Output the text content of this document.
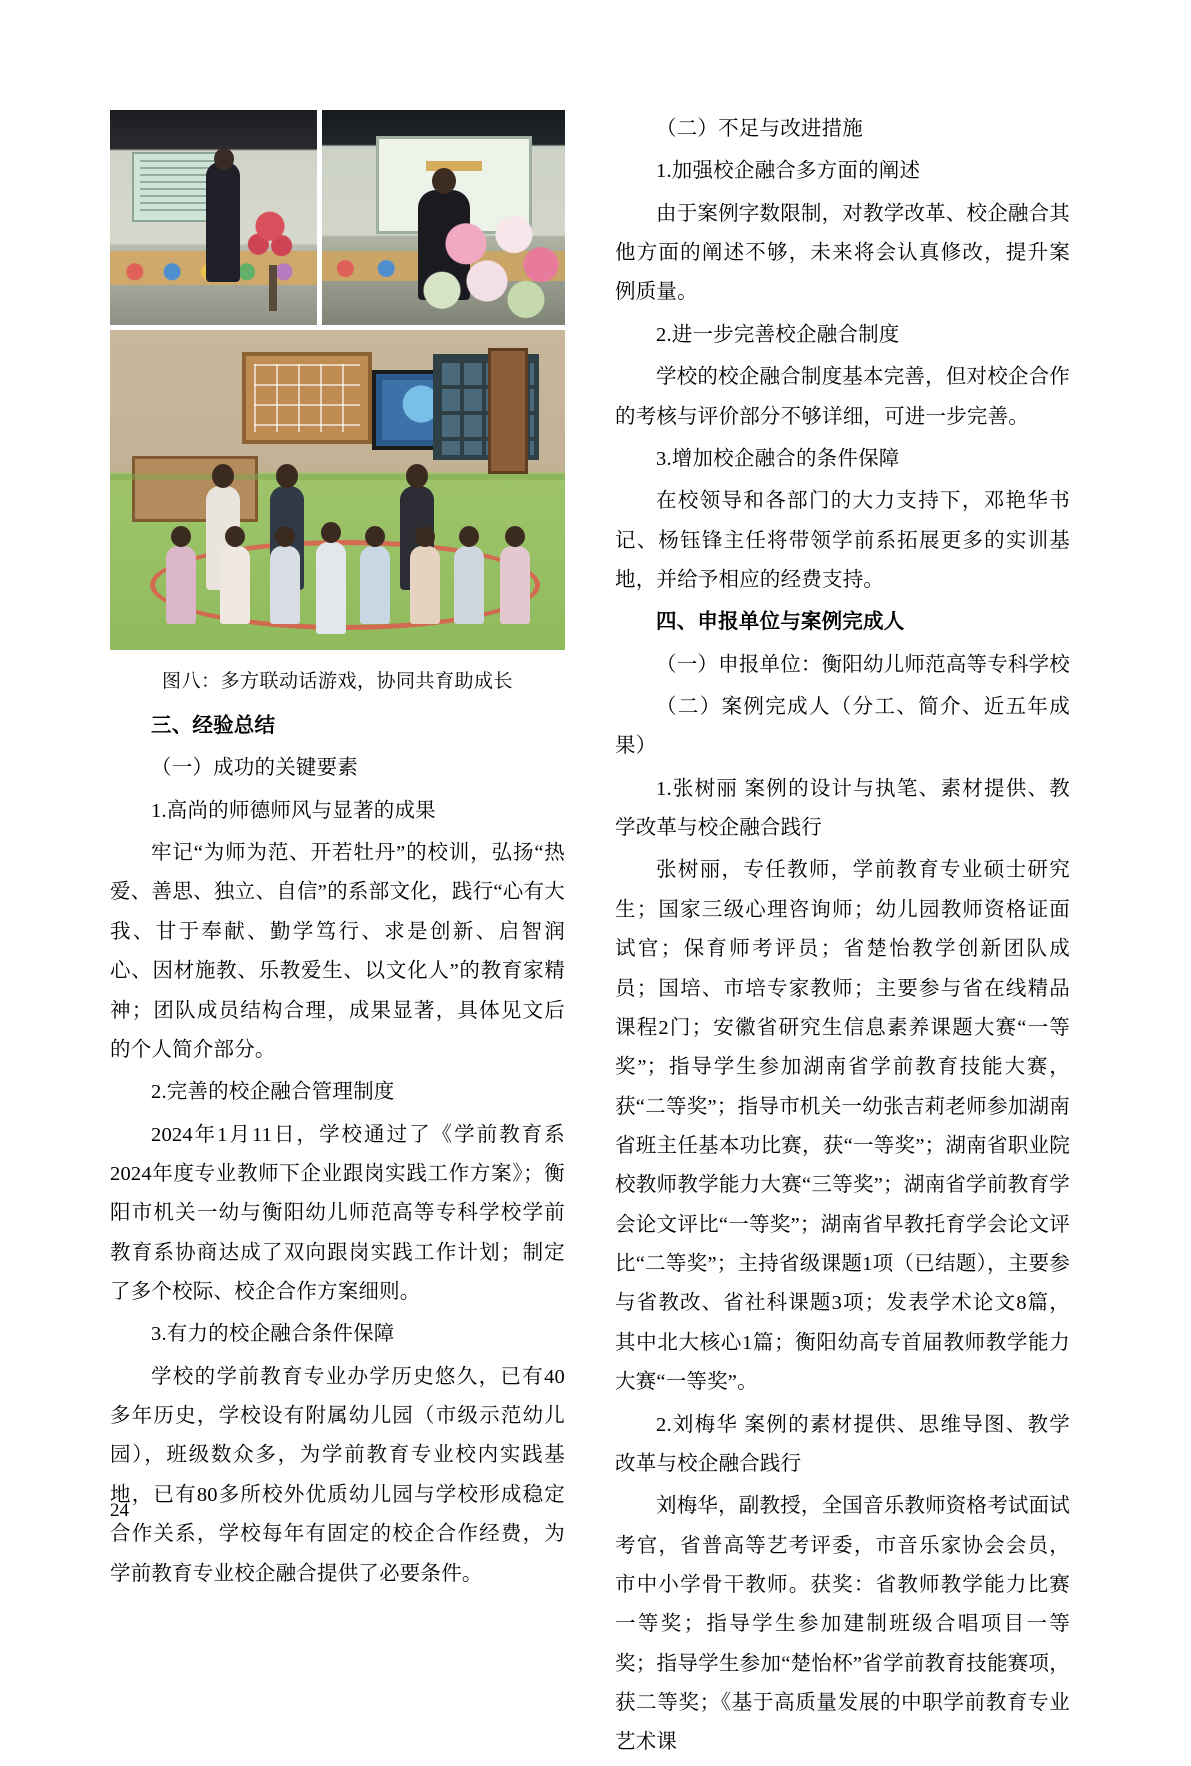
图八：多方联动话游戏，协同共育助成长

三、经验总结

（一）成功的关键要素

1.高尚的师德师风与显著的成果

牢记“为师为范、开若牡丹”的校训，弘扬“热爱、善思、独立、自信”的系部文化，践行“心有大我、甘于奉献、勤学笃行、求是创新、启智润心、因材施教、乐教爱生、以文化人”的教育家精神；团队成员结构合理，成果显著，具体见文后的个人简介部分。

2.完善的校企融合管理制度

2024年1月11日，学校通过了《学前教育系2024年度专业教师下企业跟岗实践工作方案》；衡阳市机关一幼与衡阳幼儿师范高等专科学校学前教育系协商达成了双向跟岗实践工作计划；制定了多个校际、校企合作方案细则。

3.有力的校企融合条件保障

学校的学前教育专业办学历史悠久，已有40多年历史，学校设有附属幼儿园（市级示范幼儿园），班级数众多，为学前教育专业校内实践基地，已有80多所校外优质幼儿园与学校形成稳定合作关系，学校每年有固定的校企合作经费，为学前教育专业校企融合提供了必要条件。

（二）不足与改进措施

1.加强校企融合多方面的阐述

由于案例字数限制，对教学改革、校企融合其他方面的阐述不够，未来将会认真修改，提升案例质量。

2.进一步完善校企融合制度

学校的校企融合制度基本完善，但对校企合作的考核与评价部分不够详细，可进一步完善。

3.增加校企融合的条件保障

在校领导和各部门的大力支持下，邓艳华书记、杨钰锋主任将带领学前系拓展更多的实训基地，并给予相应的经费支持。

四、申报单位与案例完成人

（一）申报单位：衡阳幼儿师范高等专科学校

（二）案例完成人（分工、简介、近五年成果）

1.张树丽 案例的设计与执笔、素材提供、教学改革与校企融合践行

张树丽，专任教师，学前教育专业硕士研究生；国家三级心理咨询师；幼儿园教师资格证面试官；保育师考评员；省楚怡教学创新团队成员；国培、市培专家教师；主要参与省在线精品课程2门；安徽省研究生信息素养课题大赛“一等奖”；指导学生参加湖南省学前教育技能大赛，获“二等奖”；指导市机关一幼张吉莉老师参加湖南省班主任基本功比赛，获“一等奖”；湖南省职业院校教师教学能力大赛“三等奖”；湖南省学前教育学会论文评比“一等奖”；湖南省早教托育学会论文评比“二等奖”；主持省级课题1项（已结题），主要参与省教改、省社科课题3项；发表学术论文8篇，其中北大核心1篇；衡阳幼高专首届教师教学能力大赛“一等奖”。

2.刘梅华 案例的素材提供、思维导图、教学改革与校企融合践行

刘梅华，副教授，全国音乐教师资格考试面试考官，省普高等艺考评委，市音乐家协会会员，市中小学骨干教师。获奖：省教师教学能力比赛一等奖；指导学生参加建制班级合唱项目一等奖；指导学生参加“楚怡杯”省学前教育技能赛项，获二等奖；《基于高质量发展的中职学前教育专业艺术课

24
